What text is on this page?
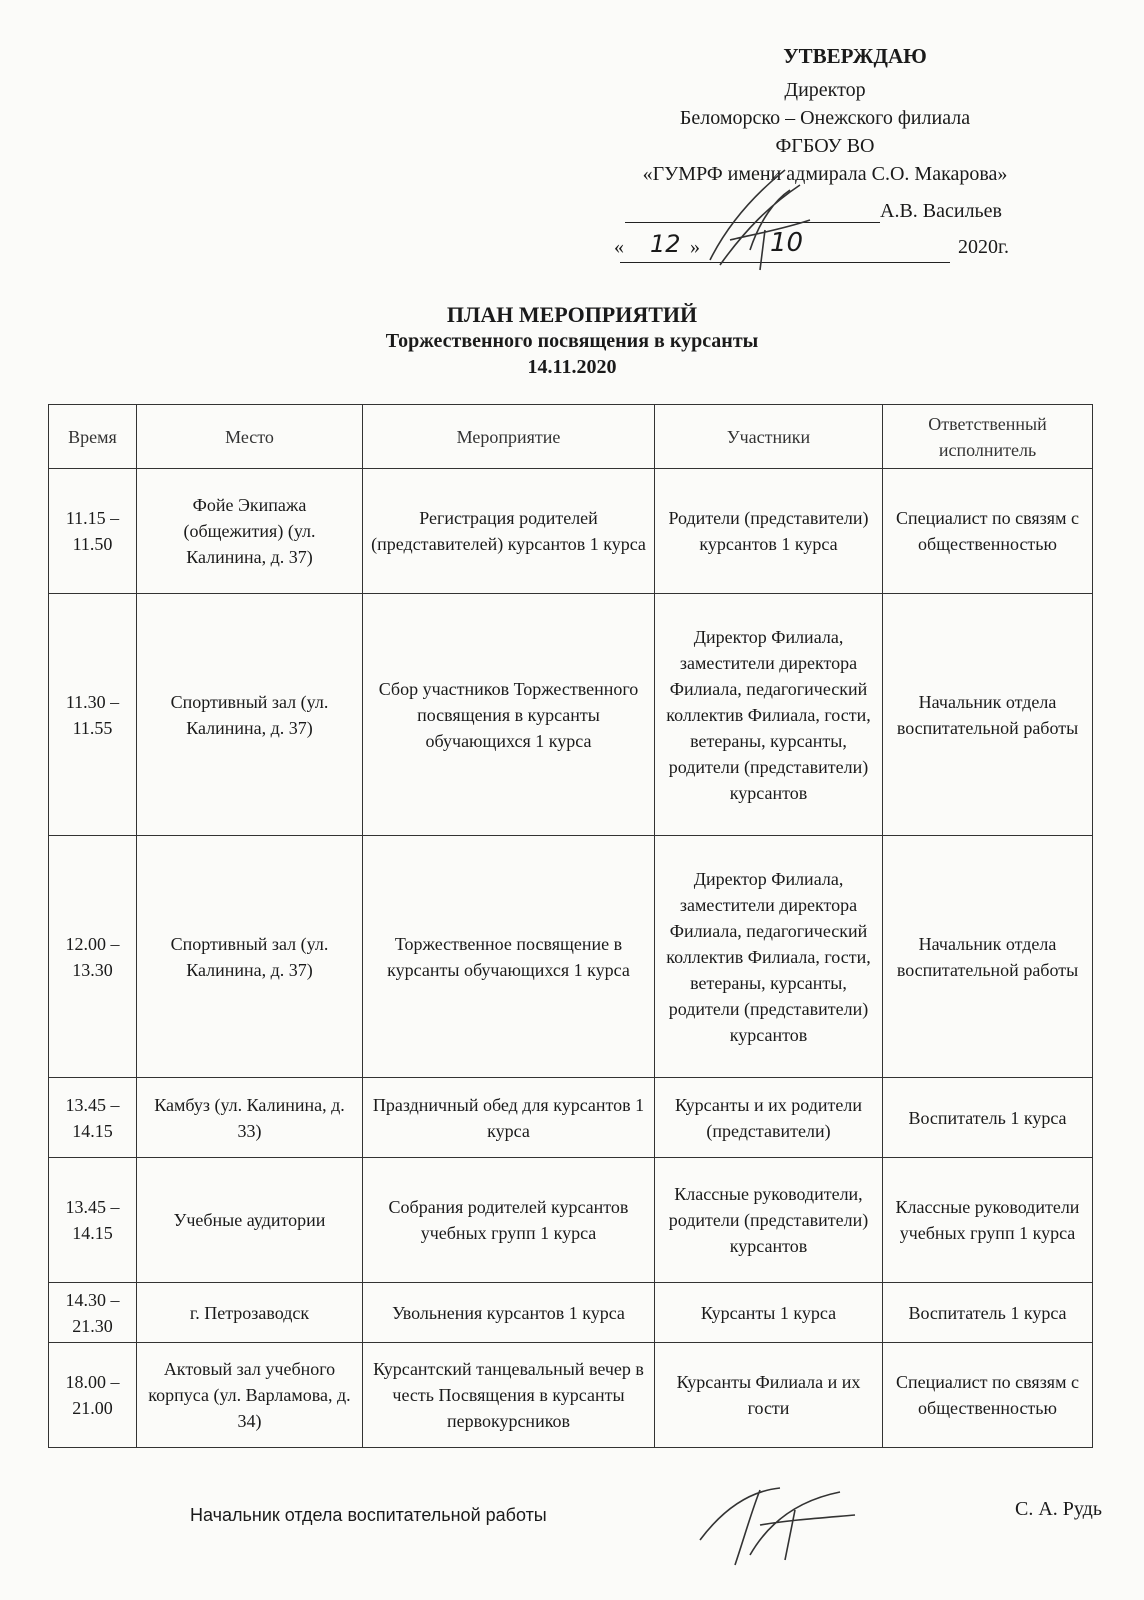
УТВЕРЖДАЮ
Директор
Беломорско – Онежского филиала
ФГБОУ ВО
«ГУМРФ имени адмирала С.О. Макарова»
А.В. Васильев
« 12 »	10	2020г.
ПЛАН МЕРОПРИЯТИЙ
Торжественного посвящения в курсанты
14.11.2020
Время	Место	Мероприятие	Участники	Ответственный исполнитель
11.15 – 11.50	Фойе Экипажа (общежития) (ул. Калинина, д. 37)	Регистрация родителей (представителей) курсантов 1 курса	Родители (представители) курсантов 1 курса	Специалист по связям с общественностью
11.30 – 11.55	Спортивный зал (ул. Калинина, д. 37)	Сбор участников Торжественного посвящения в курсанты обучающихся 1 курса	Директор Филиала, заместители директора Филиала, педагогический коллектив Филиала, гости, ветераны, курсанты, родители (представители) курсантов	Начальник отдела воспитательной работы
12.00 – 13.30	Спортивный зал (ул. Калинина, д. 37)	Торжественное посвящение в курсанты обучающихся 1 курса	Директор Филиала, заместители директора Филиала, педагогический коллектив Филиала, гости, ветераны, курсанты, родители (представители) курсантов	Начальник отдела воспитательной работы
13.45 – 14.15	Камбуз (ул. Калинина, д. 33)	Праздничный обед для курсантов 1 курса	Курсанты и их родители (представители)	Воспитатель 1 курса
13.45 – 14.15	Учебные аудитории	Собрания родителей курсантов учебных групп 1 курса	Классные руководители, родители (представители) курсантов	Классные руководители учебных групп 1 курса
14.30 – 21.30	г. Петрозаводск	Увольнения курсантов 1 курса	Курсанты 1 курса	Воспитатель 1 курса
18.00 – 21.00	Актовый зал учебного корпуса (ул. Варламова, д. 34)	Курсантский танцевальный вечер в честь Посвящения в курсанты первокурсников	Курсанты Филиала и их гости	Специалист по связям с общественностью
Начальник отдела воспитательной работы	С. А. Рудь
